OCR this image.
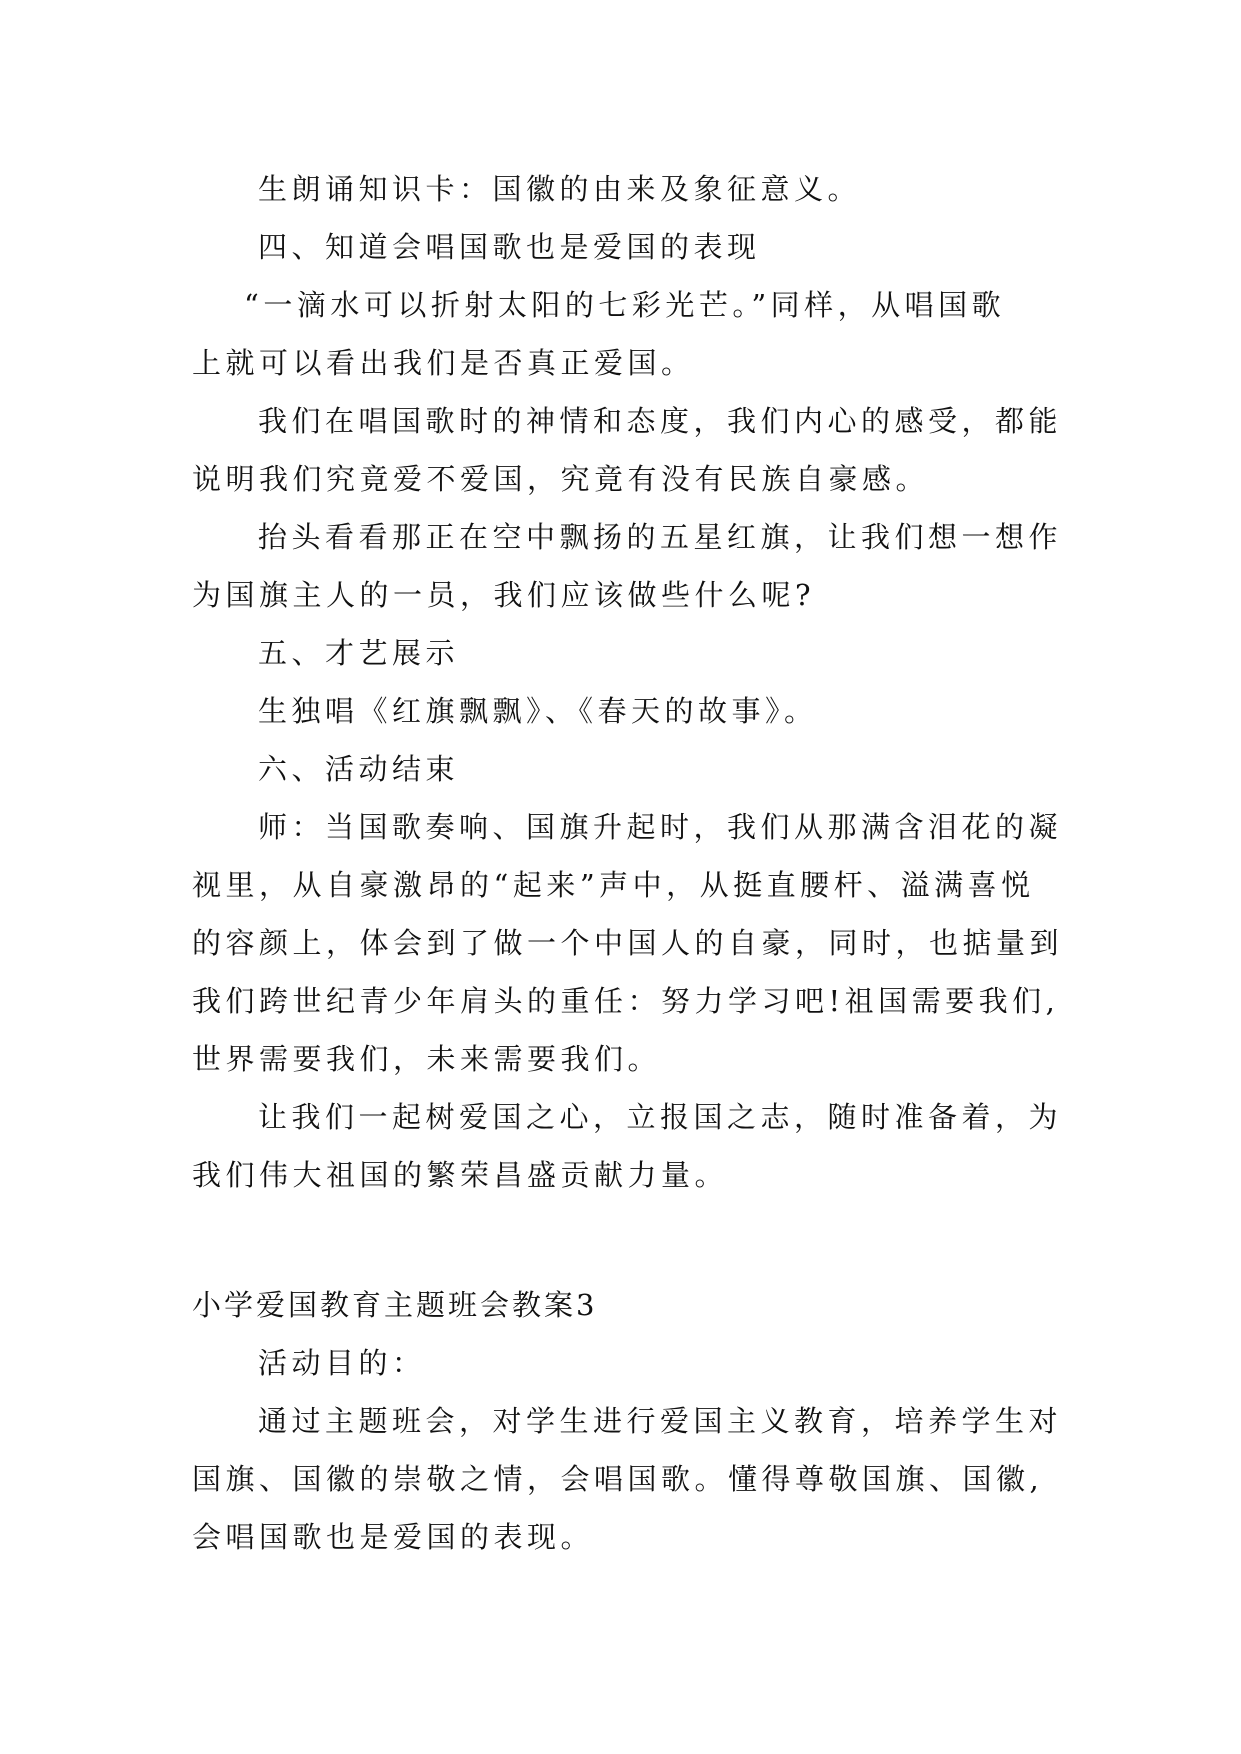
生朗诵知识卡：国徽的由来及象征意义。
四、知道会唱国歌也是爱国的表现
“一滴水可以折射太阳的七彩光芒。”同样，从唱国歌
上就可以看出我们是否真正爱国。
我们在唱国歌时的神情和态度，我们内心的感受，都能
说明我们究竟爱不爱国，究竟有没有民族自豪感。
抬头看看那正在空中飘扬的五星红旗，让我们想一想作
为国旗主人的一员，我们应该做些什么呢?
五、才艺展示
生独唱《红旗飘飘》、《春天的故事》。
六、活动结束
师：当国歌奏响、国旗升起时，我们从那满含泪花的凝
视里，从自豪激昂的“起来”声中，从挺直腰杆、溢满喜悦
的容颜上，体会到了做一个中国人的自豪，同时，也掂量到
我们跨世纪青少年肩头的重任：努力学习吧!祖国需要我们,
世界需要我们，未来需要我们。
让我们一起树爱国之心，立报国之志，随时准备着，为
我们伟大祖国的繁荣昌盛贡献力量。
小学爱国教育主题班会教案3
活动目的：
通过主题班会，对学生进行爱国主义教育，培养学生对
国旗、国徽的崇敬之情，会唱国歌。懂得尊敬国旗、国徽,
会唱国歌也是爱国的表现。
